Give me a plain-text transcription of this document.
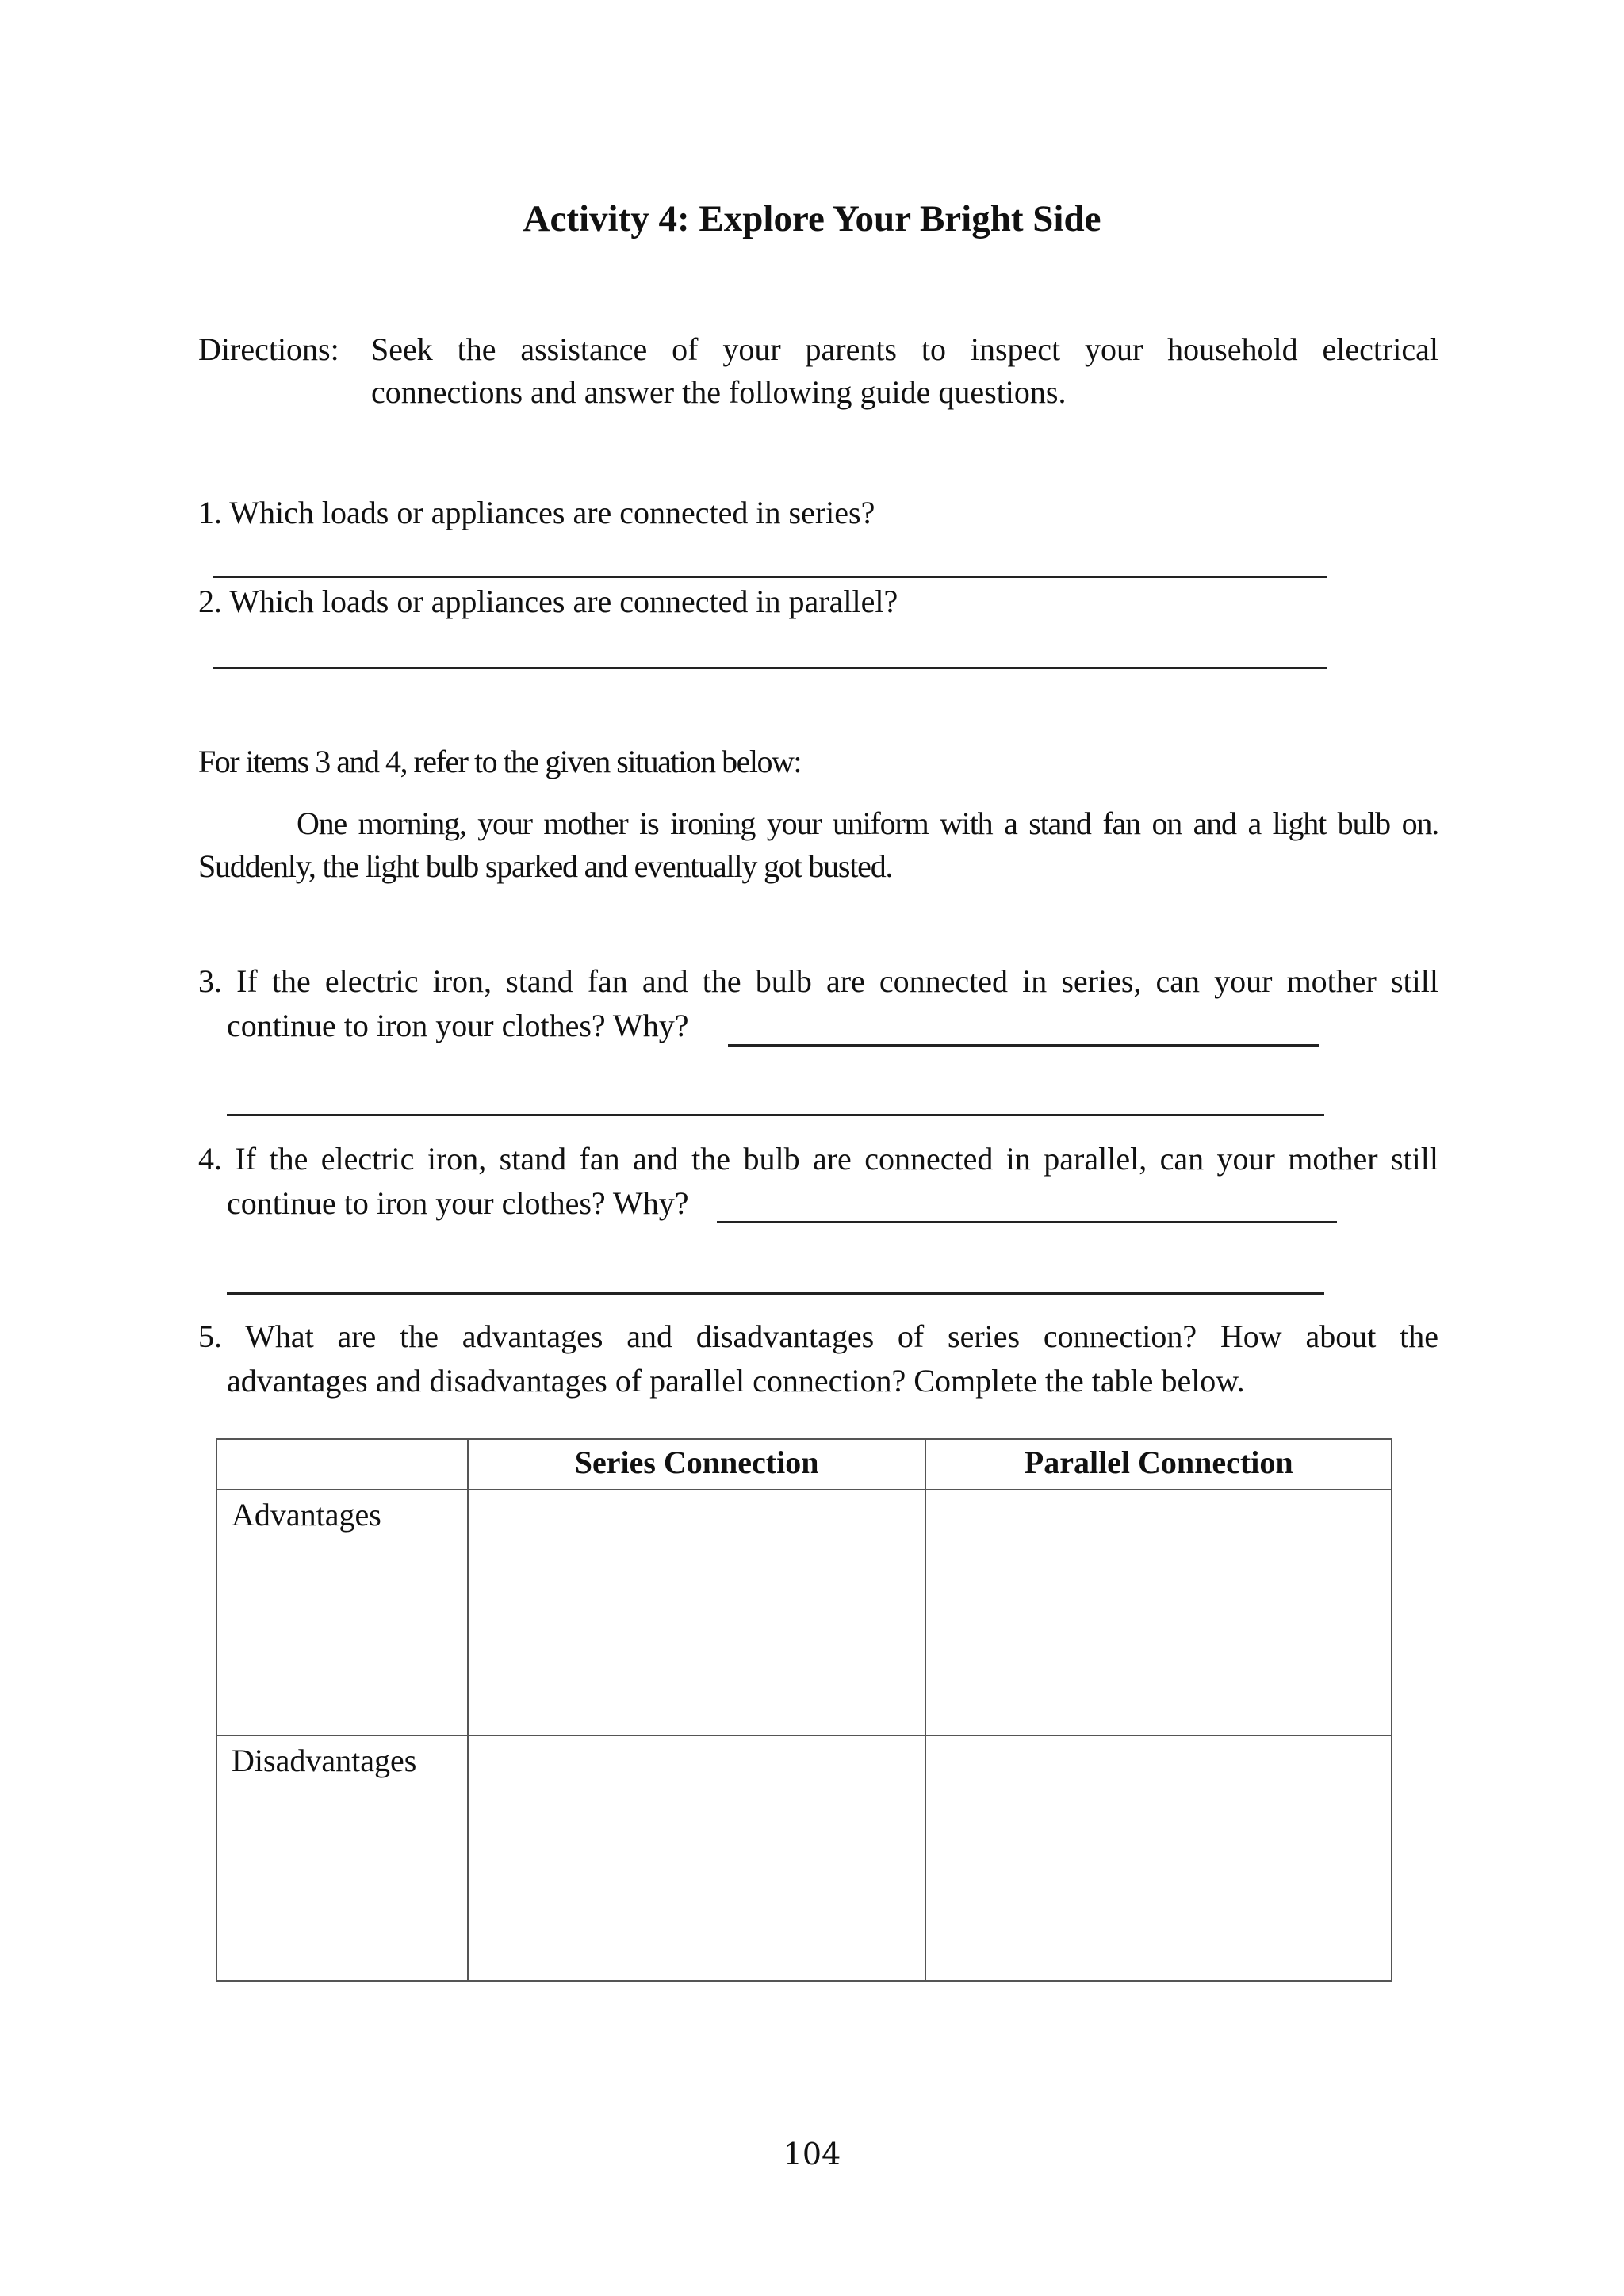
Activity 4: Explore Your Bright Side
Directions: Seek the assistance of your parents to inspect your household electrical
connections and answer the following guide questions.
1. Which loads or appliances are connected in series?
2. Which loads or appliances are connected in parallel?
For items 3 and 4, refer to the given situation below:
One morning, your mother is ironing your uniform with a stand fan on and a light bulb on. Suddenly, the light bulb sparked and eventually got busted.
3. If the electric iron, stand fan and the bulb are connected in series, can your mother still
continue to iron your clothes? Why?
4. If the electric iron, stand fan and the bulb are connected in parallel, can your mother still
continue to iron your clothes? Why?
5. What are the advantages and disadvantages of series connection? How about the
advantages and disadvantages of parallel connection? Complete the table below.
	Series Connection	Parallel Connection
Advantages		
Disadvantages		
104
